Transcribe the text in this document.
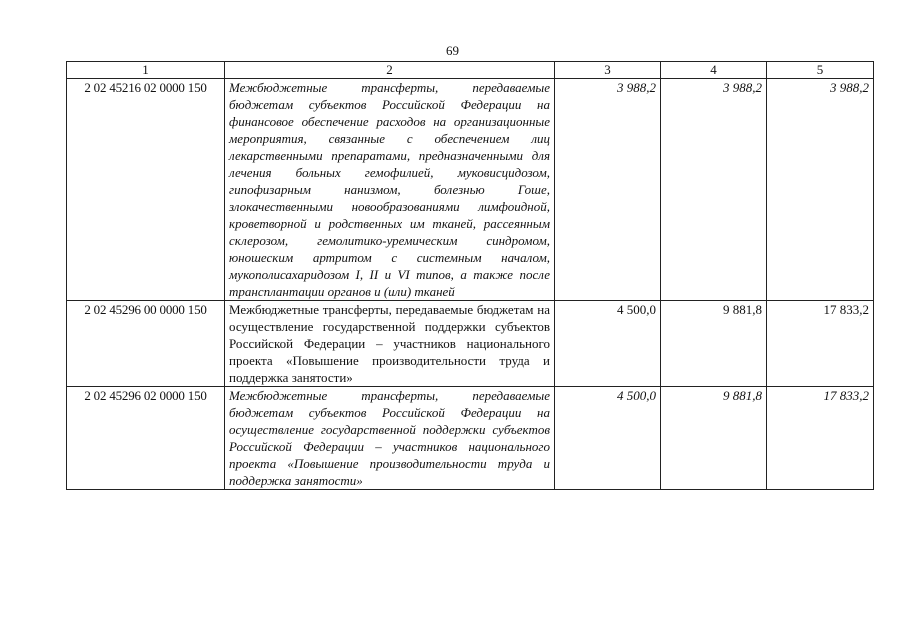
69
1	2	3	4	5
2 02 45216 02 0000 150	Межбюджетные трансферты, передаваемые бюджетам субъектов Российской Федерации на финансовое обеспечение расходов на организационные мероприятия, связанные с обеспечением лиц лекарственными препаратами, предназначенными для лечения больных гемофилией, муковисцидозом, гипофизарным нанизмом, болезнью Гоше, злокачественными новообразованиями лимфоидной, кроветворной и родственных им тканей, рассеянным склерозом, гемолитико-уремическим синдромом, юношеским артритом с системным началом, мукополисахаридозом I, II и VI типов, а также после трансплантации органов и (или) тканей	3 988,2	3 988,2	3 988,2
2 02 45296 00 0000 150	Межбюджетные трансферты, передаваемые бюджетам на осуществление государственной поддержки субъектов Российской Федерации – участников национального проекта «Повышение производительности труда и поддержка занятости»	4 500,0	9 881,8	17 833,2
2 02 45296 02 0000 150	Межбюджетные трансферты, передаваемые бюджетам субъектов Российской Федерации на осуществление государственной поддержки субъектов Российской Федерации – участников национального проекта «Повышение производительности труда и поддержка занятости»	4 500,0	9 881,8	17 833,2
